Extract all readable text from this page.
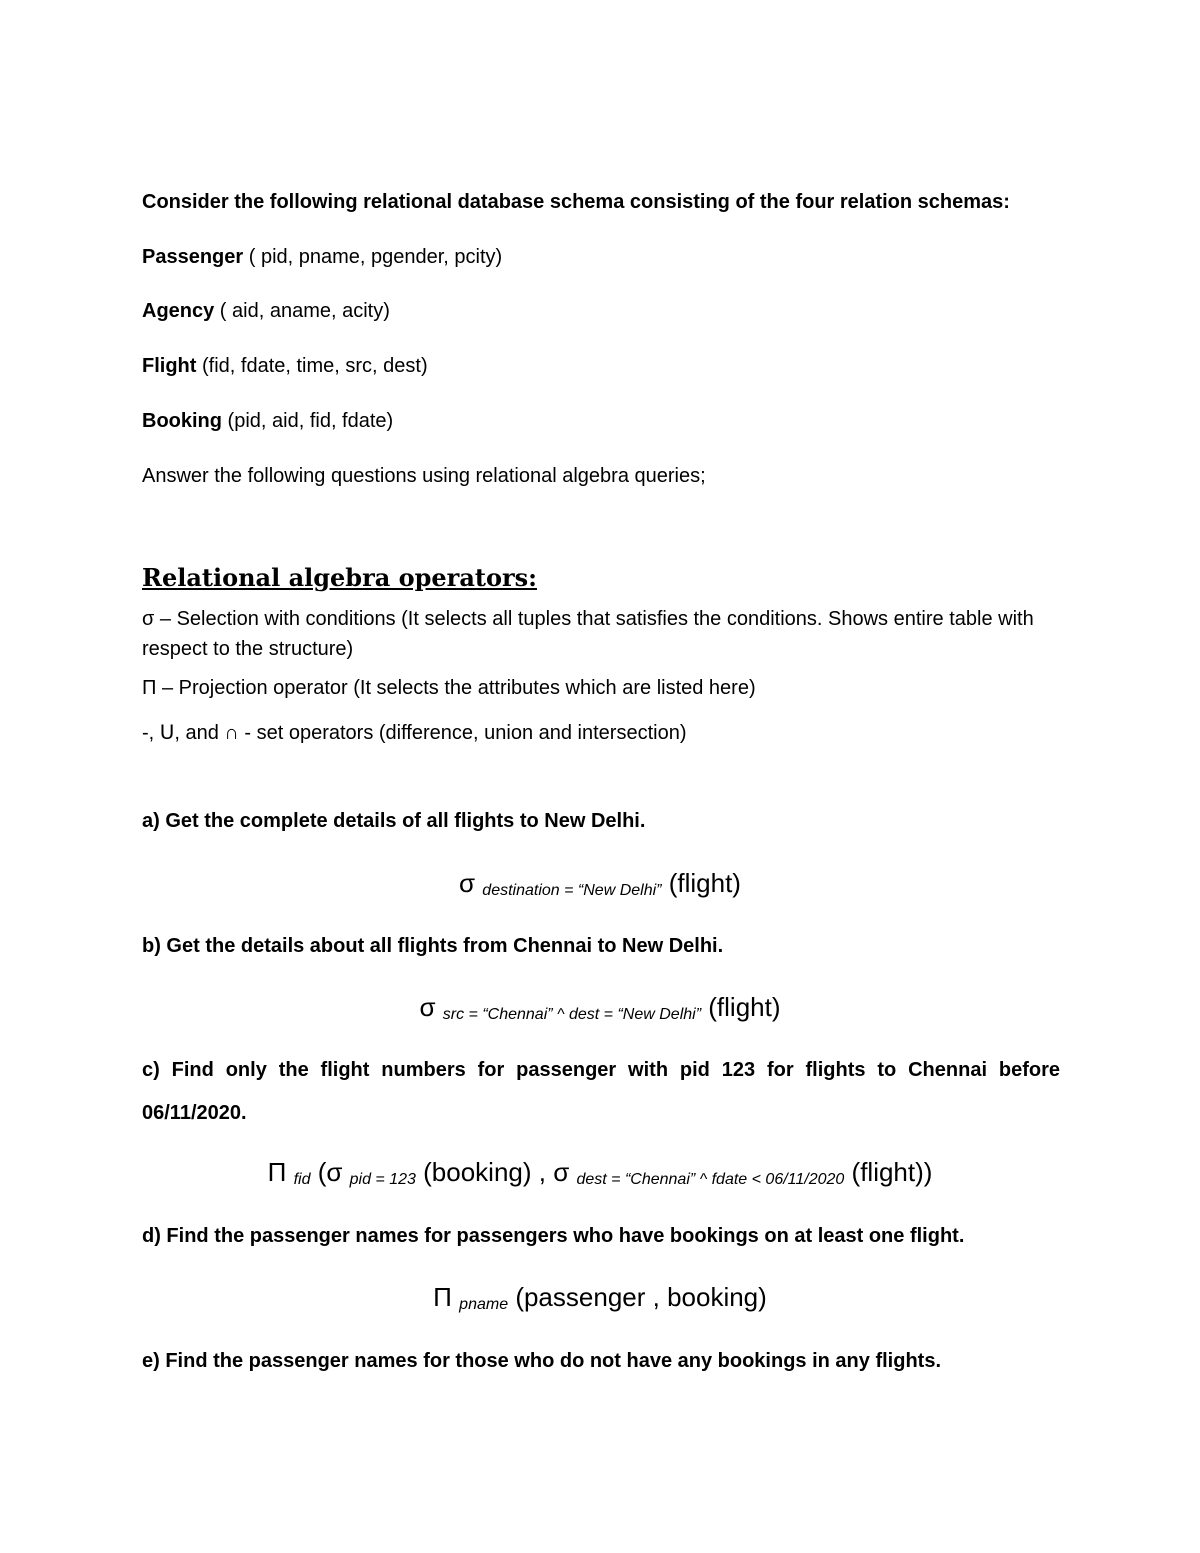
Consider the following relational database schema consisting of the four relation schemas:
Passenger ( pid, pname, pgender, pcity)
Agency ( aid, aname, acity)
Flight (fid, fdate, time, src, dest)
Booking (pid, aid, fid, fdate)
Answer the following questions using relational algebra queries;
Relational algebra operators:
σ – Selection with conditions (It selects all tuples that satisfies the conditions. Shows entire table with respect to the structure)
Π – Projection operator (It selects the attributes which are listed here)
-, ᑌ, and ∩ - set operators (difference, union and intersection)
a) Get the complete details of all flights to New Delhi.
σ destination = “New Delhi” (flight)
b) Get the details about all flights from Chennai to New Delhi.
σ src = “Chennai” ^ dest = “New Delhi” (flight)
c) Find only the flight numbers for passenger with pid 123 for flights to Chennai before
06/11/2020.
Π fid (σ pid = 123 (booking) , σ dest = “Chennai” ^ fdate < 06/11/2020 (flight))
d) Find the passenger names for passengers who have bookings on at least one flight.
Π pname (passenger , booking)
e) Find the passenger names for those who do not have any bookings in any flights.
